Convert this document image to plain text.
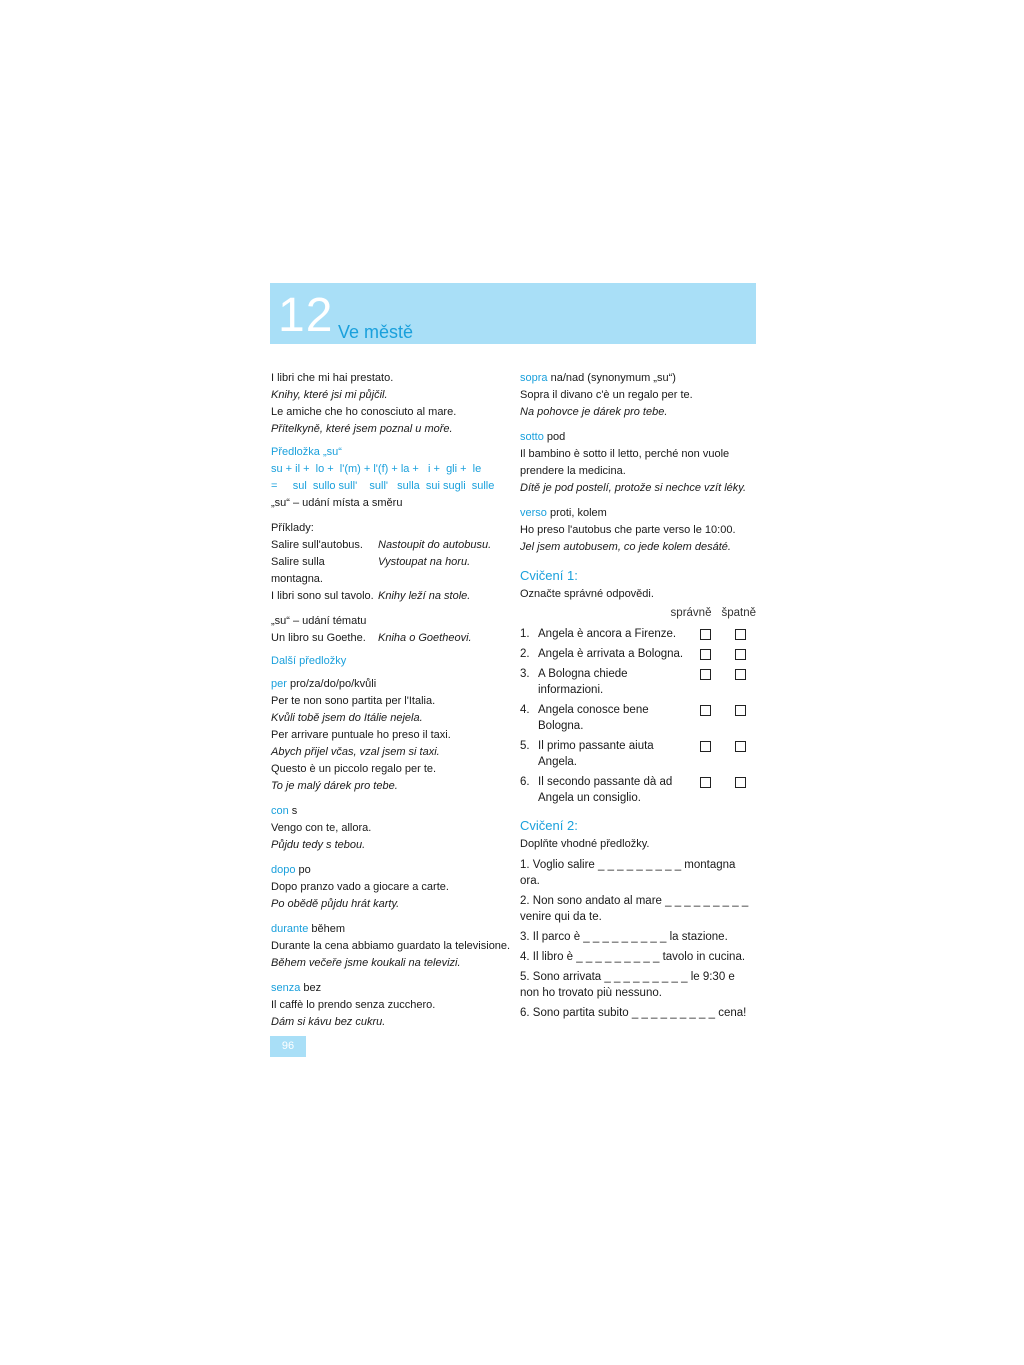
12 Ve městě
I libri che mi hai prestato.
Knihy, které jsi mi půjčil.
Le amiche che ho conosciuto al mare.
Přítelkyně, které jsem poznal u moře.
Předložka „su“
su + il +  lo +  l'(m) + l'(f) + la +   i +  gli +  le
=     sul  sullo sull'    sull'   sulla  sui sugli  sulle
„su“ – udání místa a směru
Příklady:
Salire sull'autobus.	Nastoupit do autobusu.
Salire sulla montagna.
Vystoupat na horu.
I libri sono sul tavolo. Knihy leží na stole.
„su“ – udání tématu
Un libro su Goethe.	Kniha o Goetheovi.
Další předložky
per pro/za/do/po/kvůli
Per te non sono partita per l'Italia.
Kvůli tobě jsem do Itálie nejela.
Per arrivare puntuale ho preso il taxi.
Abych přijel včas, vzal jsem si taxi.
Questo è un piccolo regalo per te.
To je malý dárek pro tebe.
con s
Vengo con te, allora.
Půjdu tedy s tebou.
dopo po
Dopo pranzo vado a giocare a carte.
Po obědě půjdu hrát karty.
durante během
Durante la cena abbiamo guardato la televisione.
Během večeře jsme koukali na televizi.
senza bez
Il caffè lo prendo senza zucchero.
Dám si kávu bez cukru.
sopra na/nad (synonymum „su“)
Sopra il divano c'è un regalo per te.
Na pohovce je dárek pro tebe.
sotto pod
Il bambino è sotto il letto, perché non vuole prendere la medicina.
Dítě je pod postelí, protože si nechce vzít léky.
verso proti, kolem
Ho preso l'autobus che parte verso le 10:00.
Jel jsem autobusem, co jede kolem desáté.
Cvičení 1:
Označte správné odpovědi.
správně špatně
1. Angela è ancora a Firenze.
2. Angela è arrivata a Bologna.
3. A Bologna chiede informazioni.
4. Angela conosce bene Bologna.
5. Il primo passante aiuta Angela.
6. Il secondo passante dà ad Angela un consiglio.
Cvičení 2:
Doplňte vhodné předložky.
1. Voglio salire _ _ _ _ _ _ _ _ _ montagna ora.
2. Non sono andato al mare _ _ _ _ _ _ _ _ _ venire qui da te.
3. Il parco è _ _ _ _ _ _ _ _ _ la stazione.
4. Il libro è _ _ _ _ _ _ _ _ _ tavolo in cucina.
5. Sono arrivata _ _ _ _ _ _ _ _ _ le 9:30 e non ho trovato più nessuno.
6. Sono partita subito _ _ _ _ _ _ _ _ _ cena!
96
